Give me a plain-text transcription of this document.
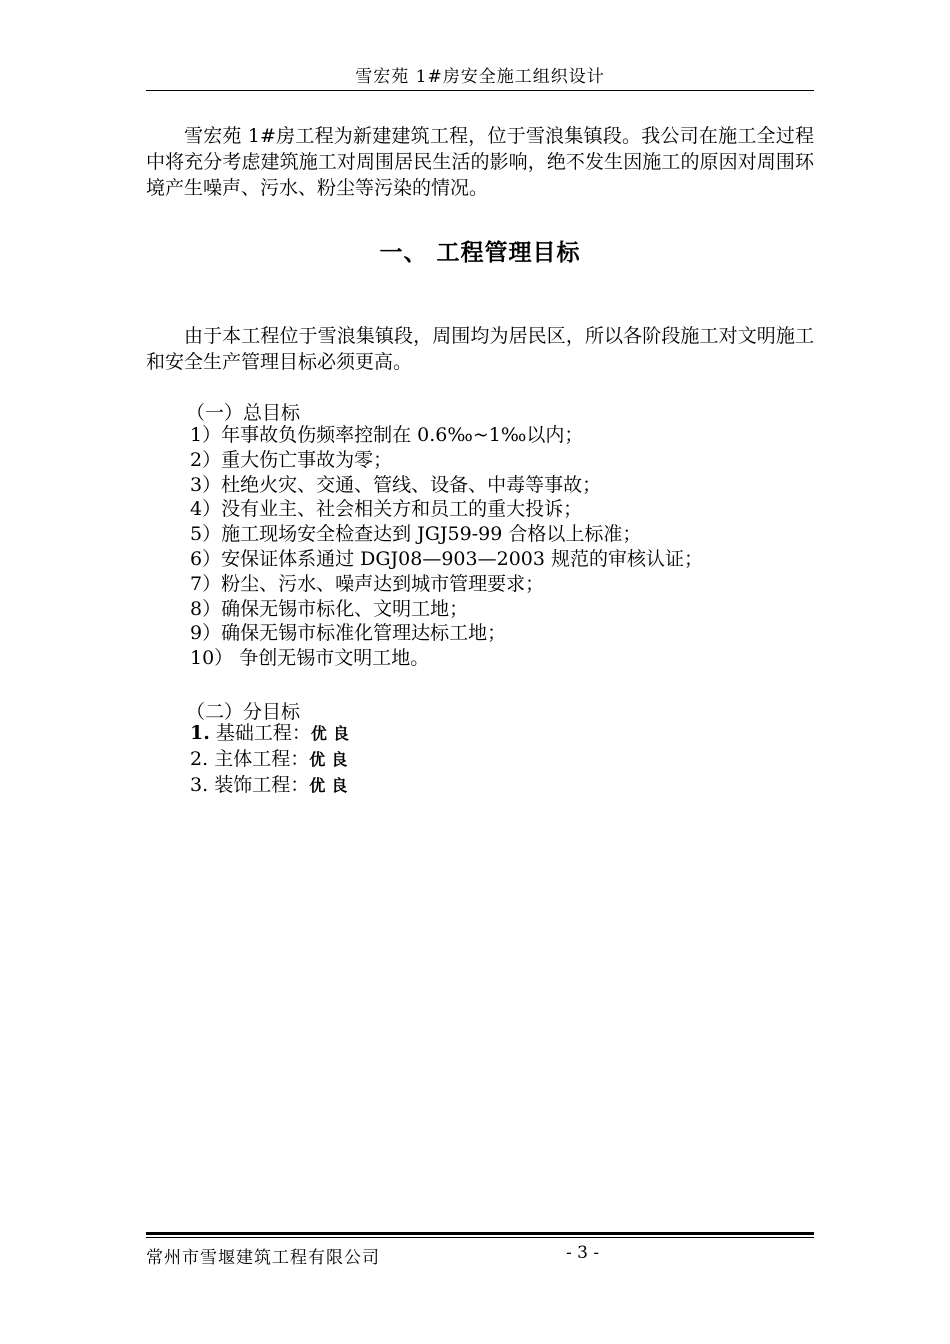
雪宏苑 1#房安全施工组织设计

雪宏苑 1#房工程为新建建筑工程，位于雪浪集镇段。我公司在施工全过程中将充分考虑建筑施工对周围居民生活的影响，绝不发生因施工的原因对周围环境产生噪声、污水、粉尘等污染的情况。

一、 工程管理目标

由于本工程位于雪浪集镇段，周围均为居民区，所以各阶段施工对文明施工和安全生产管理目标必须更高。

（一）总目标
1）年事故负伤频率控制在 0.6‰~1‰以内；
2）重大伤亡事故为零；
3）杜绝火灾、交通、管线、设备、中毒等事故；
4）没有业主、社会相关方和员工的重大投诉；
5）施工现场安全检查达到 JGJ59-99 合格以上标准；
6）安保证体系通过 DGJ08—903—2003 规范的审核认证；
7）粉尘、污水、噪声达到城市管理要求；
8）确保无锡市标化、文明工地；
9）确保无锡市标准化管理达标工地；
10） 争创无锡市文明工地。
（二）分目标
1. 基础工程：优良
2. 主体工程：优良
3. 装饰工程：优良
常州市雪堰建筑工程有限公司	- 3 -
